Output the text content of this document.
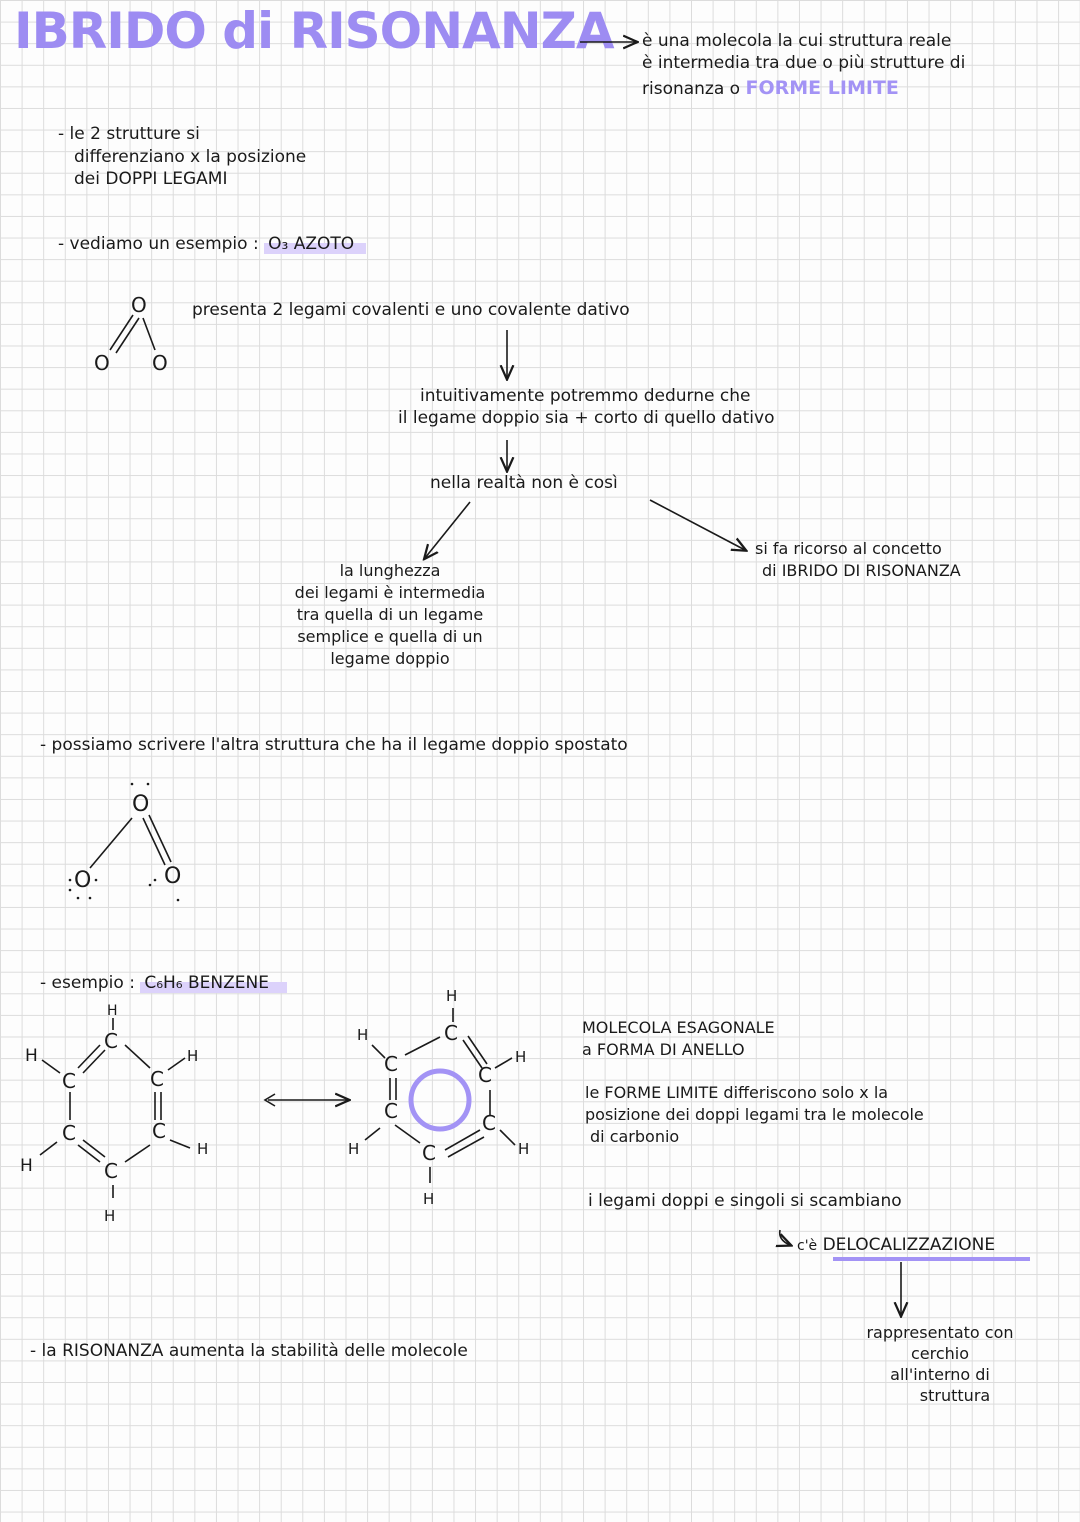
IBRIDO di RISONANZA
O
O O
O
O	O
H
C
H
C	C
H
C	C
H
H	C
H
H
C
H
C	C
H
C	C
H	H
C
H
è una molecola la cui struttura reale
è intermedia tra due o più strutture di
risonanza o FORME LIMITE
- le 2 strutture si
differenziano x la posizione
dei DOPPI LEGAMI
- vediamo un esempio : O₃ AZOTO
presenta 2 legami covalenti e uno covalente dativo
intuitivamente potremmo dedurne che
il legame doppio sia + corto di quello dativo
nella realtà non è così
la lunghezza
dei legami è intermedia
tra quella di un legame
semplice e quella di un
legame doppio
si fa ricorso al concetto
di IBRIDO DI RISONANZA
- possiamo scrivere l'altra struttura che ha il legame doppio spostato
- esempio : C₆H₆ BENZENE
MOLECOLA ESAGONALE
a FORMA DI ANELLO
le FORME LIMITE differiscono solo x la
posizione dei doppi legami tra le molecole
di carbonio
i legami doppi e singoli si scambiano
c'è DELOCALIZZAZIONE
rappresentato con
cerchio
all'interno di
struttura
- la RISONANZA aumenta la stabilità delle molecole
